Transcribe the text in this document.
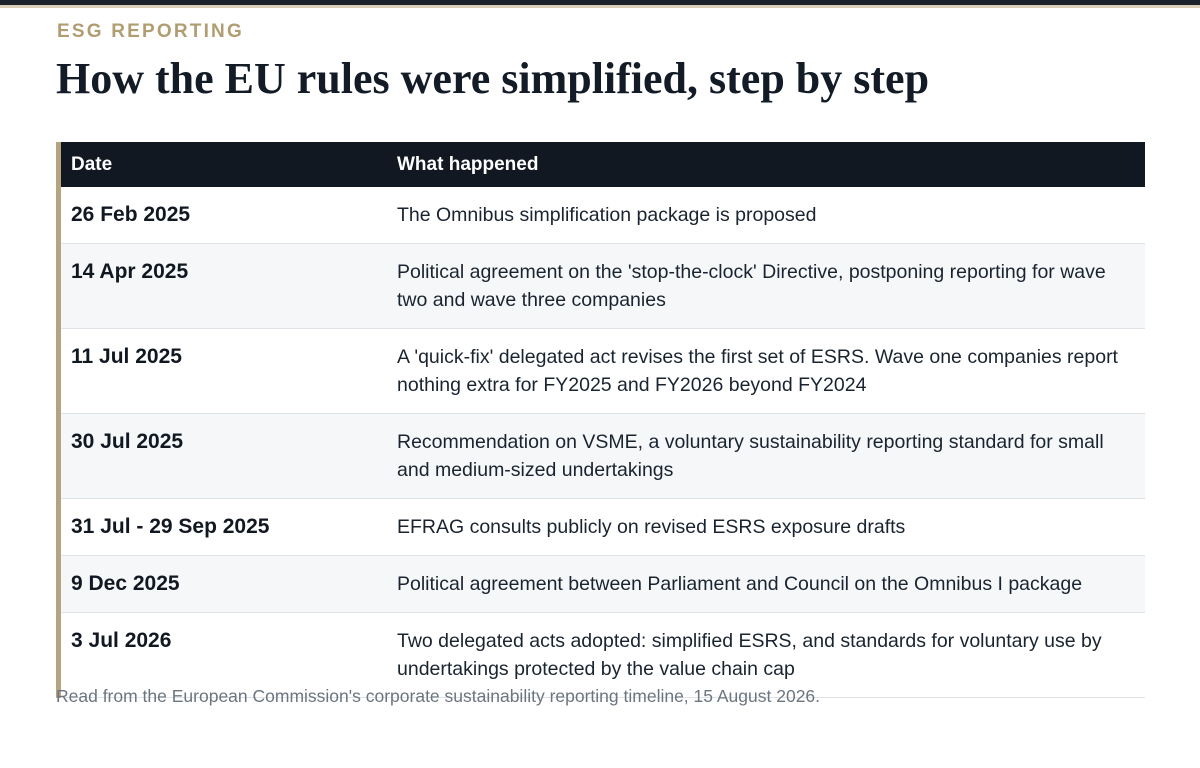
ESG REPORTING
How the EU rules were simplified, step by step
Date	What happened
26 Feb 2025	The Omnibus simplification package is proposed
14 Apr 2025	Political agreement on the 'stop-the-clock' Directive, postponing reporting for wave two and wave three companies
11 Jul 2025	A 'quick-fix' delegated act revises the first set of ESRS. Wave one companies report nothing extra for FY2025 and FY2026 beyond FY2024
30 Jul 2025	Recommendation on VSME, a voluntary sustainability reporting standard for small and medium-sized undertakings
31 Jul - 29 Sep 2025	EFRAG consults publicly on revised ESRS exposure drafts
9 Dec 2025	Political agreement between Parliament and Council on the Omnibus I package
3 Jul 2026	Two delegated acts adopted: simplified ESRS, and standards for voluntary use by undertakings protected by the value chain cap
Read from the European Commission's corporate sustainability reporting timeline, 15 August 2026.
